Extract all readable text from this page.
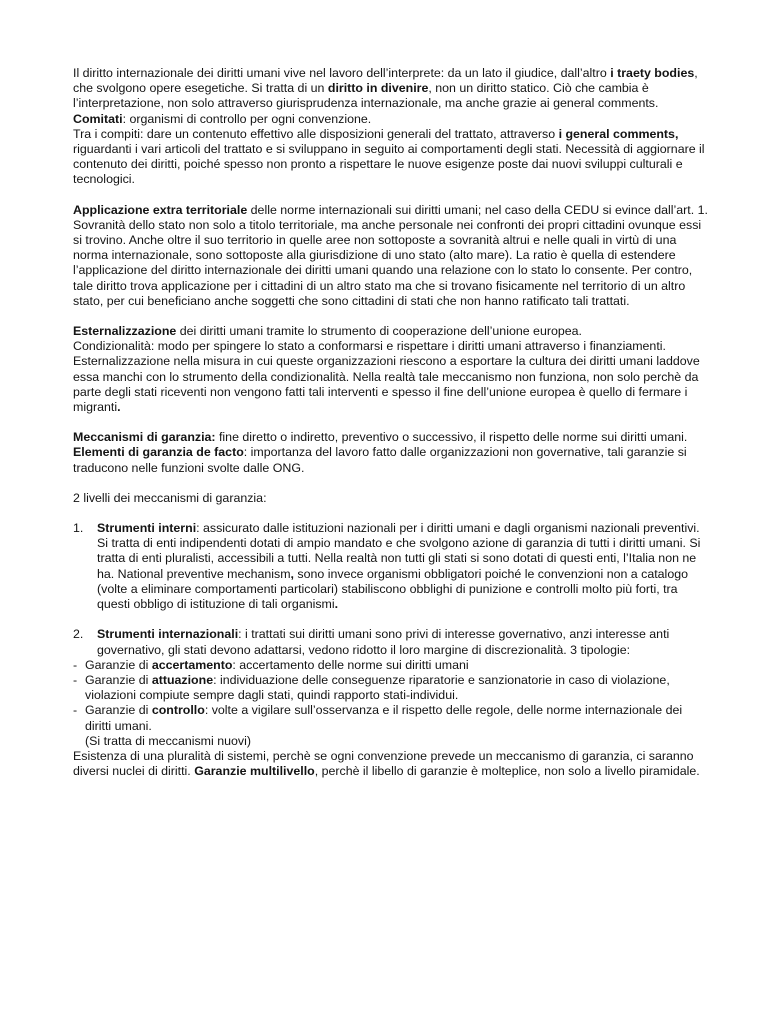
Il diritto internazionale dei diritti umani vive nel lavoro dell’interprete: da un lato il giudice, dall’altro i traety bodies, che svolgono opere esegetiche. Si tratta di un diritto in divenire, non un diritto statico. Ciò che cambia è l’interpretazione, non solo attraverso giurisprudenza internazionale, ma anche grazie ai general comments.

Comitati: organismi di controllo per ogni convenzione.

Tra i compiti: dare un contenuto effettivo alle disposizioni generali del trattato, attraverso i general comments, riguardanti i vari articoli del trattato e si sviluppano in seguito ai comportamenti degli stati. Necessità di aggiornare il contenuto dei diritti, poiché spesso non pronto a rispettare le nuove esigenze poste dai nuovi sviluppi culturali e tecnologici.

Applicazione extra territoriale delle norme internazionali sui diritti umani; nel caso della CEDU si evince dall’art. 1. Sovranità dello stato non solo a titolo territoriale, ma anche personale nei confronti dei propri cittadini ovunque essi si trovino. Anche oltre il suo territorio in quelle aree non sottoposte a sovranità altrui e nelle quali in virtù di una norma internazionale, sono sottoposte alla giurisdizione di uno stato (alto mare). La ratio è quella di estendere l’applicazione del diritto internazionale dei diritti umani quando una relazione con lo stato lo consente. Per contro, tale diritto trova applicazione per i cittadini di un altro stato ma che si trovano fisicamente nel territorio di un altro stato, per cui beneficiano anche soggetti che sono cittadini di stati che non hanno ratificato tali trattati.

Esternalizzazione dei diritti umani tramite lo strumento di cooperazione dell’unione europea.

Condizionalità: modo per spingere lo stato a conformarsi e rispettare i diritti umani attraverso i finanziamenti.

Esternalizzazione nella misura in cui queste organizzazioni riescono a esportare la cultura dei diritti umani laddove essa manchi con lo strumento della condizionalità. Nella realtà tale meccanismo non funziona, non solo perchè da parte degli stati riceventi non vengono fatti tali interventi e spesso il fine dell’unione europea è quello di fermare i migranti.

Meccanismi di garanzia: fine diretto o indiretto, preventivo o successivo, il rispetto delle norme sui diritti umani.

Elementi di garanzia de facto: importanza del lavoro fatto dalle organizzazioni non governative, tali garanzie si traducono nelle funzioni svolte dalle ONG.

2 livelli dei meccanismi di garanzia:

1. Strumenti interni: assicurato dalle istituzioni nazionali per i diritti umani e dagli organismi nazionali preventivi. Si tratta di enti indipendenti dotati di ampio mandato e che svolgono azione di garanzia di tutti i diritti umani. Si tratta di enti pluralisti, accessibili a tutti. Nella realtà non tutti gli stati si sono dotati di questi enti, l’Italia non ne ha. National preventive mechanism, sono invece organismi obbligatori poiché le convenzioni non a catalogo (volte a eliminare comportamenti particolari) stabiliscono obblighi di punizione e controlli molto più forti, tra questi obbligo di istituzione di tali organismi.
2. Strumenti internazionali: i trattati sui diritti umani sono privi di interesse governativo, anzi interesse anti governativo, gli stati devono adattarsi, vedono ridotto il loro margine di discrezionalità. 3 tipologie:
- Garanzie di accertamento: accertamento delle norme sui diritti umani
- Garanzie di attuazione: individuazione delle conseguenze riparatorie e sanzionatorie in caso di violazione, violazioni compiute sempre dagli stati, quindi rapporto stati-individui.
- Garanzie di controllo: volte a vigilare sull’osservanza e il rispetto delle regole, delle norme internazionale dei diritti umani.

(Si tratta di meccanismi nuovi)

Esistenza di una pluralità di sistemi, perchè se ogni convenzione prevede un meccanismo di garanzia, ci saranno diversi nuclei di diritti. Garanzie multilivello, perchè il libello di garanzie è molteplice, non solo a livello piramidale.
